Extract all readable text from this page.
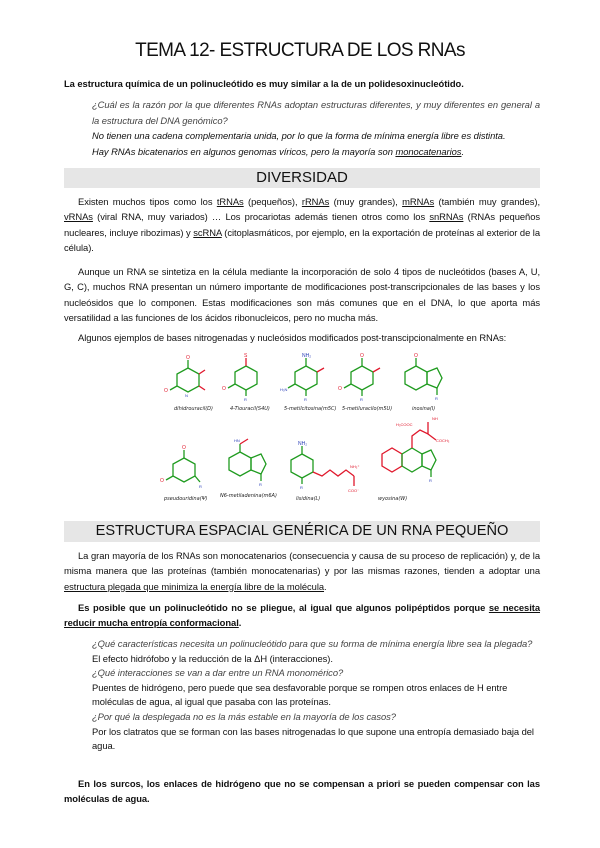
TEMA 12- ESTRUCTURA DE LOS RNAs
La estructura química de un polinucleótido es muy similar a la de un polidesoxinucleótido.
¿Cuál es la razón por la que diferentes RNAs adoptan estructuras diferentes, y muy diferentes en general a la estructura del DNA genómico?
No tienen una cadena complementaria unida, por lo que la forma de mínima energía libre es distinta.
Hay RNAs bicatenarios en algunos genomas víricos, pero la mayoría son monocatenarios.
DIVERSIDAD
Existen muchos tipos como los tRNAs (pequeños), rRNAs (muy grandes), mRNAs (también muy grandes), vRNAs (viral RNA, muy variados) … Los procariotas además tienen otros como los snRNAs (RNAs pequeños nucleares, incluye ribozimas) y scRNA (citoplasmáticos, por ejemplo, en la exportación de proteínas al exterior de la célula).
Aunque un RNA se sintetiza en la célula mediante la incorporación de solo 4 tipos de nucleótidos (bases A, U, G, C), muchos RNA presentan un número importante de modificaciones post-transcripcionales de las bases y los nucleósidos que lo componen. Estas modificaciones son más comunes que en el DNA, lo que aporta más versatilidad a las funciones de los ácidos ribonucleicos, pero no mucha más.
Algunos ejemplos de bases nitrogenadas y nucleósidos modificados post-transcipcionalmente en RNAs:
O
O
N
S
O
R
NH₂
H₃N
R
O
O
R
O
R
O
O
R
HN
R
NH₂
R
NH₃⁺
COO⁻
H₃COOC
NH
COCH₃
R
dihidrouracil(D)	4-Tiouracil(S4U)	5-metilcitosina(m5C) 5-metiluracilo(m5U)	inosina(I)
pseudouridina(Ψ) N6-metiladenina(m6A)	lisidina(L)	wyosina(W)
ESTRUCTURA ESPACIAL GENÉRICA DE UN RNA PEQUEÑO
La gran mayoría de los RNAs son monocatenarios (consecuencia y causa de su proceso de replicación) y, de la misma manera que las proteínas (también monocatenarias) y por las mismas razones, tienden a adoptar una estructura plegada que minimiza la energía libre de la molécula.
Es posible que un polinucleótido no se pliegue, al igual que algunos polipéptidos porque se necesita reducir mucha entropía conformacional.
¿Qué características necesita un polinucleótido para que su forma de mínima energía libre sea la plegada?
El efecto hidrófobo y la reducción de la ΔH (interacciones).
¿Qué interacciones se van a dar entre un RNA monomérico?
Puentes de hidrógeno, pero puede que sea desfavorable porque se rompen otros enlaces de H entre moléculas de agua, al igual que pasaba con las proteínas.
¿Por qué la desplegada no es la más estable en la mayoría de los casos?
Por los clatratos que se forman con las bases nitrogenadas lo que supone una entropía demasiado baja del agua.
En los surcos, los enlaces de hidrógeno que no se compensan a priori se pueden compensar con las moléculas de agua.
